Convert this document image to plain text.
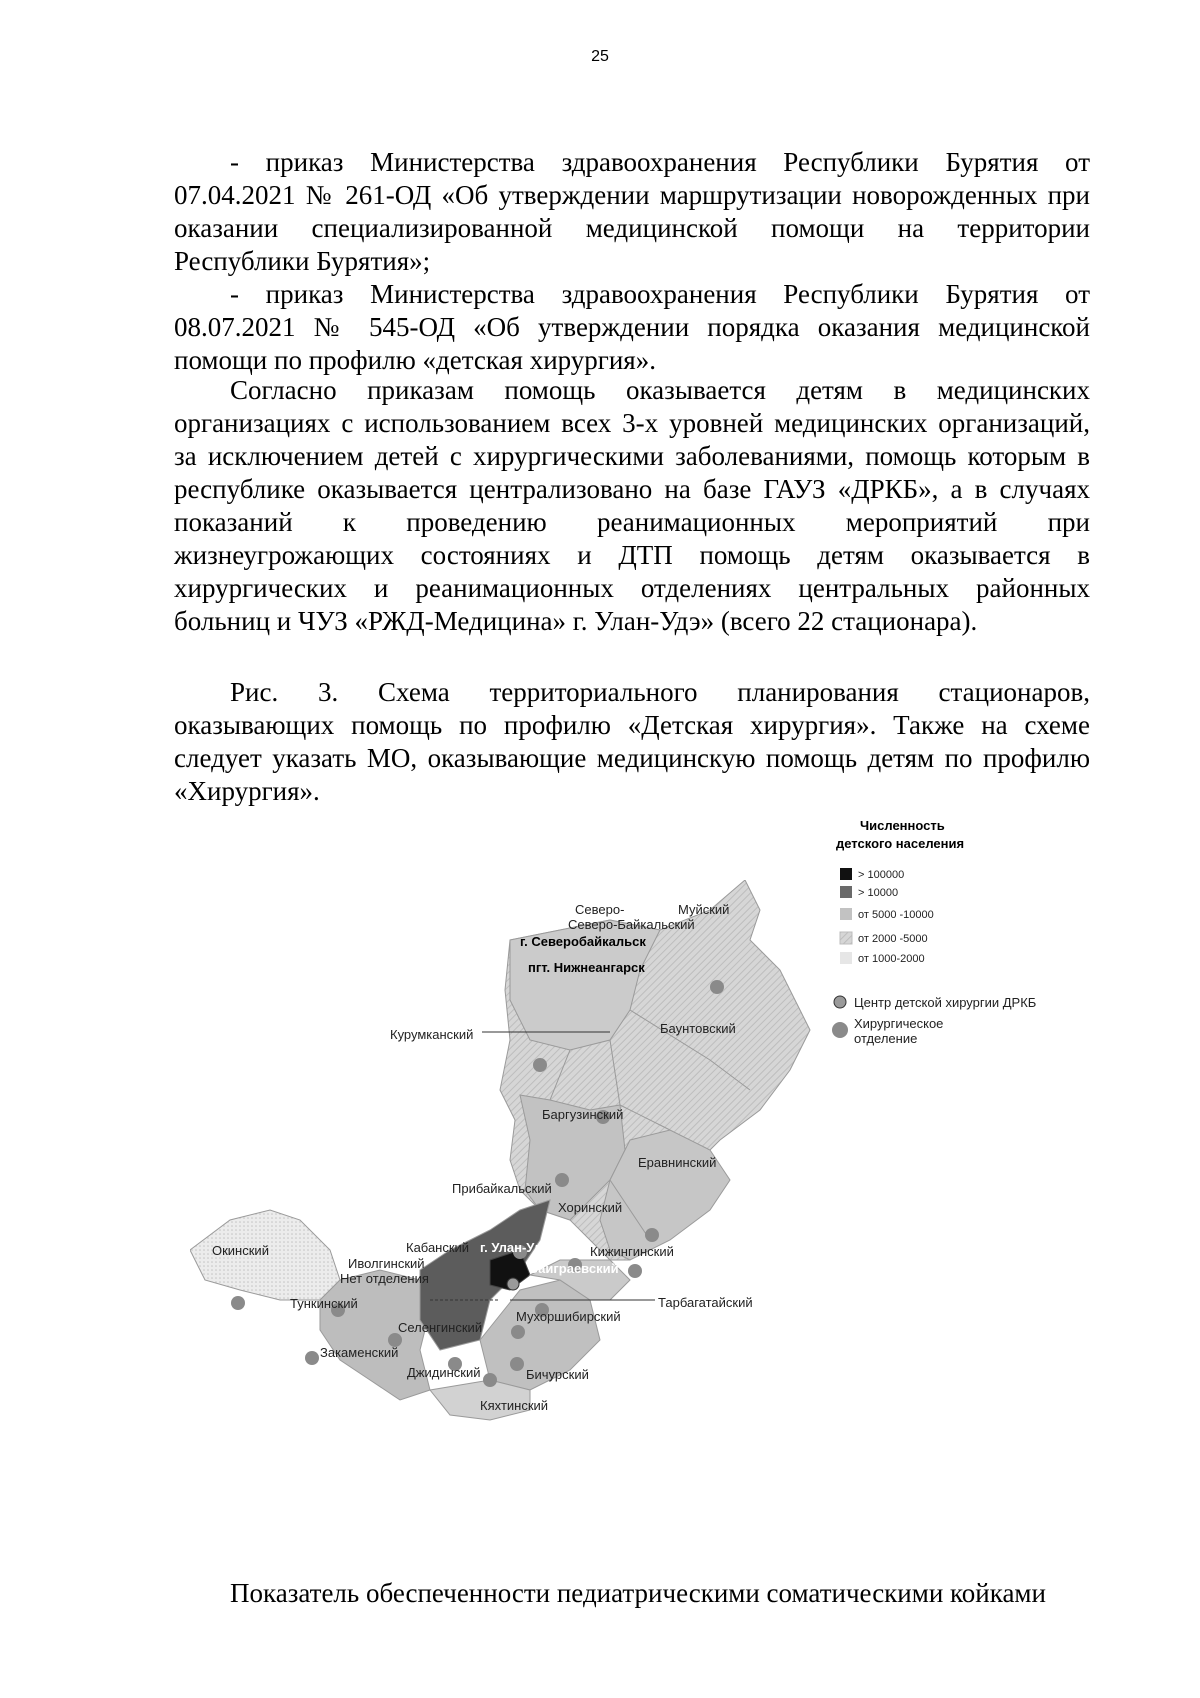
25

- приказ Министерства здравоохранения Республики Бурятия от 07.04.2021 № 261-ОД «Об утверждении маршрутизации новорожденных при оказании специализированной медицинской помощи на территории Республики Бурятия»;

- приказ Министерства здравоохранения Республики Бурятия от 08.07.2021 № 545-ОД «Об утверждении порядка оказания медицинской помощи по профилю «детская хирургия».

Согласно приказам помощь оказывается детям в медицинских организациях с использованием всех 3-х уровней медицинских организаций, за исключением детей с хирургическими заболеваниями, помощь которым в республике оказывается централизовано на базе ГАУЗ «ДРКБ», а в случаях показаний к проведению реанимационных мероприятий при жизнеугрожающих состояниях и ДТП помощь детям оказывается в хирургических и реанимационных отделениях центральных районных больниц и ЧУЗ «РЖД-Медицина» г. Улан-Удэ» (всего 22 стационара).

Рис. 3. Схема территориального планирования стационаров, оказывающих помощь по профилю «Детская хирургия». Также на схеме следует указать МО, оказывающие медицинскую помощь детям по профилю «Хирургия».

Северо-
Северо-Байкальский
г. Северобайкальск
пгт. Нижнеангарск
Муйский
Курумканский	Баунтовский
Баргузинский
Еравнинский
Прибайкальский
Хоринский
Окинский	Кабанский г. Улан-Удэ	Кижингинский
Иволгинский
Нет отделения
Заиграевский
Тункинский	Тарбагатайский
Селенгинский
Мухоршибирский
Закаменский
Джидинский	Бичурский
Кяхтинский
Численность
детского населения
> 100000
> 10000
от 5000 -10000
от 2000 -5000
от 1000-2000
Центр детской хирургии ДРКБ
Хирургическое
отделение
Показатель обеспеченности педиатрическими соматическими койками
